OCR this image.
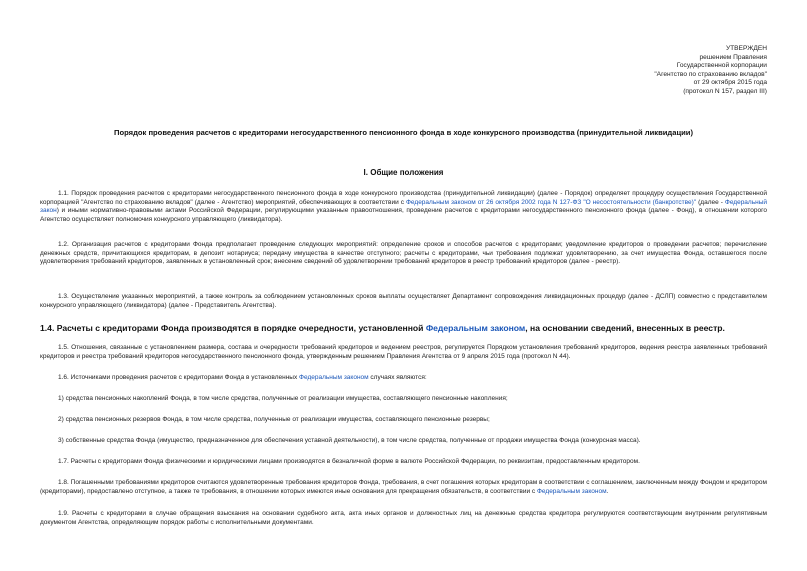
УТВЕРЖДЕН
решением Правления
Государственной корпорации
"Агентство по страхованию вкладов"
от 29 октября 2015 года
(протокол N 157, раздел III)
Порядок проведения расчетов с кредиторами негосударственного пенсионного фонда в ходе конкурсного производства (принудительной ликвидации)
I. Общие положения

1.1. Порядок проведения расчетов с кредиторами негосударственного пенсионного фонда в ходе конкурсного производства (принудительной ликвидации) (далее - Порядок) определяет процедуру осуществления Государственной корпорацией "Агентство по страхованию вкладов" (далее - Агентство) мероприятий, обеспечивающих в соответствии с Федеральным законом от 26 октября 2002 года N 127-ФЗ "О несостоятельности (банкротстве)" (далее - Федеральный закон) и иными нормативно-правовыми актами Российской Федерации, регулирующими указанные правоотношения, проведение расчетов с кредиторами негосударственного пенсионного фонда (далее - Фонд), в отношении которого Агентство осуществляет полномочия конкурсного управляющего (ликвидатора).

1.2. Организация расчетов с кредиторами Фонда предполагает проведение следующих мероприятий: определение сроков и способов расчетов с кредиторами; уведомление кредиторов о проведении расчетов; перечисление денежных средств, причитающихся кредиторам, в депозит нотариуса; передачу имущества в качестве отступного; расчеты с кредиторами, чьи требования подлежат удовлетворению, за счет имущества Фонда, оставшегося после удовлетворения требований кредиторов, заявленных в установленный срок; внесение сведений об удовлетворении требований кредиторов в реестр требований кредиторов (далее - реестр).

1.3. Осуществление указанных мероприятий, а также контроль за соблюдением установленных сроков выплаты осуществляет Департамент сопровождения ликвидационных процедур (далее - ДСЛП) совместно с представителем конкурсного управляющего (ликвидатора) (далее - Представитель Агентства).

1.4. Расчеты с кредиторами Фонда производятся в порядке очередности, установленной Федеральным законом, на основании сведений, внесенных в реестр.

1.5. Отношения, связанные с установлением размера, состава и очередности требований кредиторов и ведением реестров, регулируется Порядком установления требований кредиторов, ведения реестра заявленных требований кредиторов и реестра требований кредиторов негосударственного пенсионного фонда, утвержденным решением Правления Агентства от 9 апреля 2015 года (протокол N 44).

1.6. Источниками проведения расчетов с кредиторами Фонда в установленных Федеральным законом случаях являются:

1) средства пенсионных накоплений Фонда, в том числе средства, полученные от реализации имущества, составляющего пенсионные накопления;

2) средства пенсионных резервов Фонда, в том числе средства, полученные от реализации имущества, составляющего пенсионные резервы;

3) собственные средства Фонда (имущество, предназначенное для обеспечения уставной деятельности), в том числе средства, полученные от продажи имущества Фонда (конкурсная масса).

1.7. Расчеты с кредиторами Фонда физическими и юридическими лицами производятся в безналичной форме в валюте Российской Федерации, по реквизитам, предоставленным кредитором.

1.8. Погашенными требованиями кредиторов считаются удовлетворенные требования кредиторов Фонда, требования, в счет погашения которых кредиторам в соответствии с соглашением, заключенным между Фондом и кредитором (кредиторами), предоставлено отступное, а также те требования, в отношении которых имеются иные основания для прекращения обязательств, в соответствии с Федеральным законом.

1.9. Расчеты с кредиторами в случае обращения взыскания на основании судебного акта, акта иных органов и должностных лиц на денежные средства кредитора регулируются соответствующим внутренним регулятивным документом Агентства, определяющим порядок работы с исполнительными документами.
